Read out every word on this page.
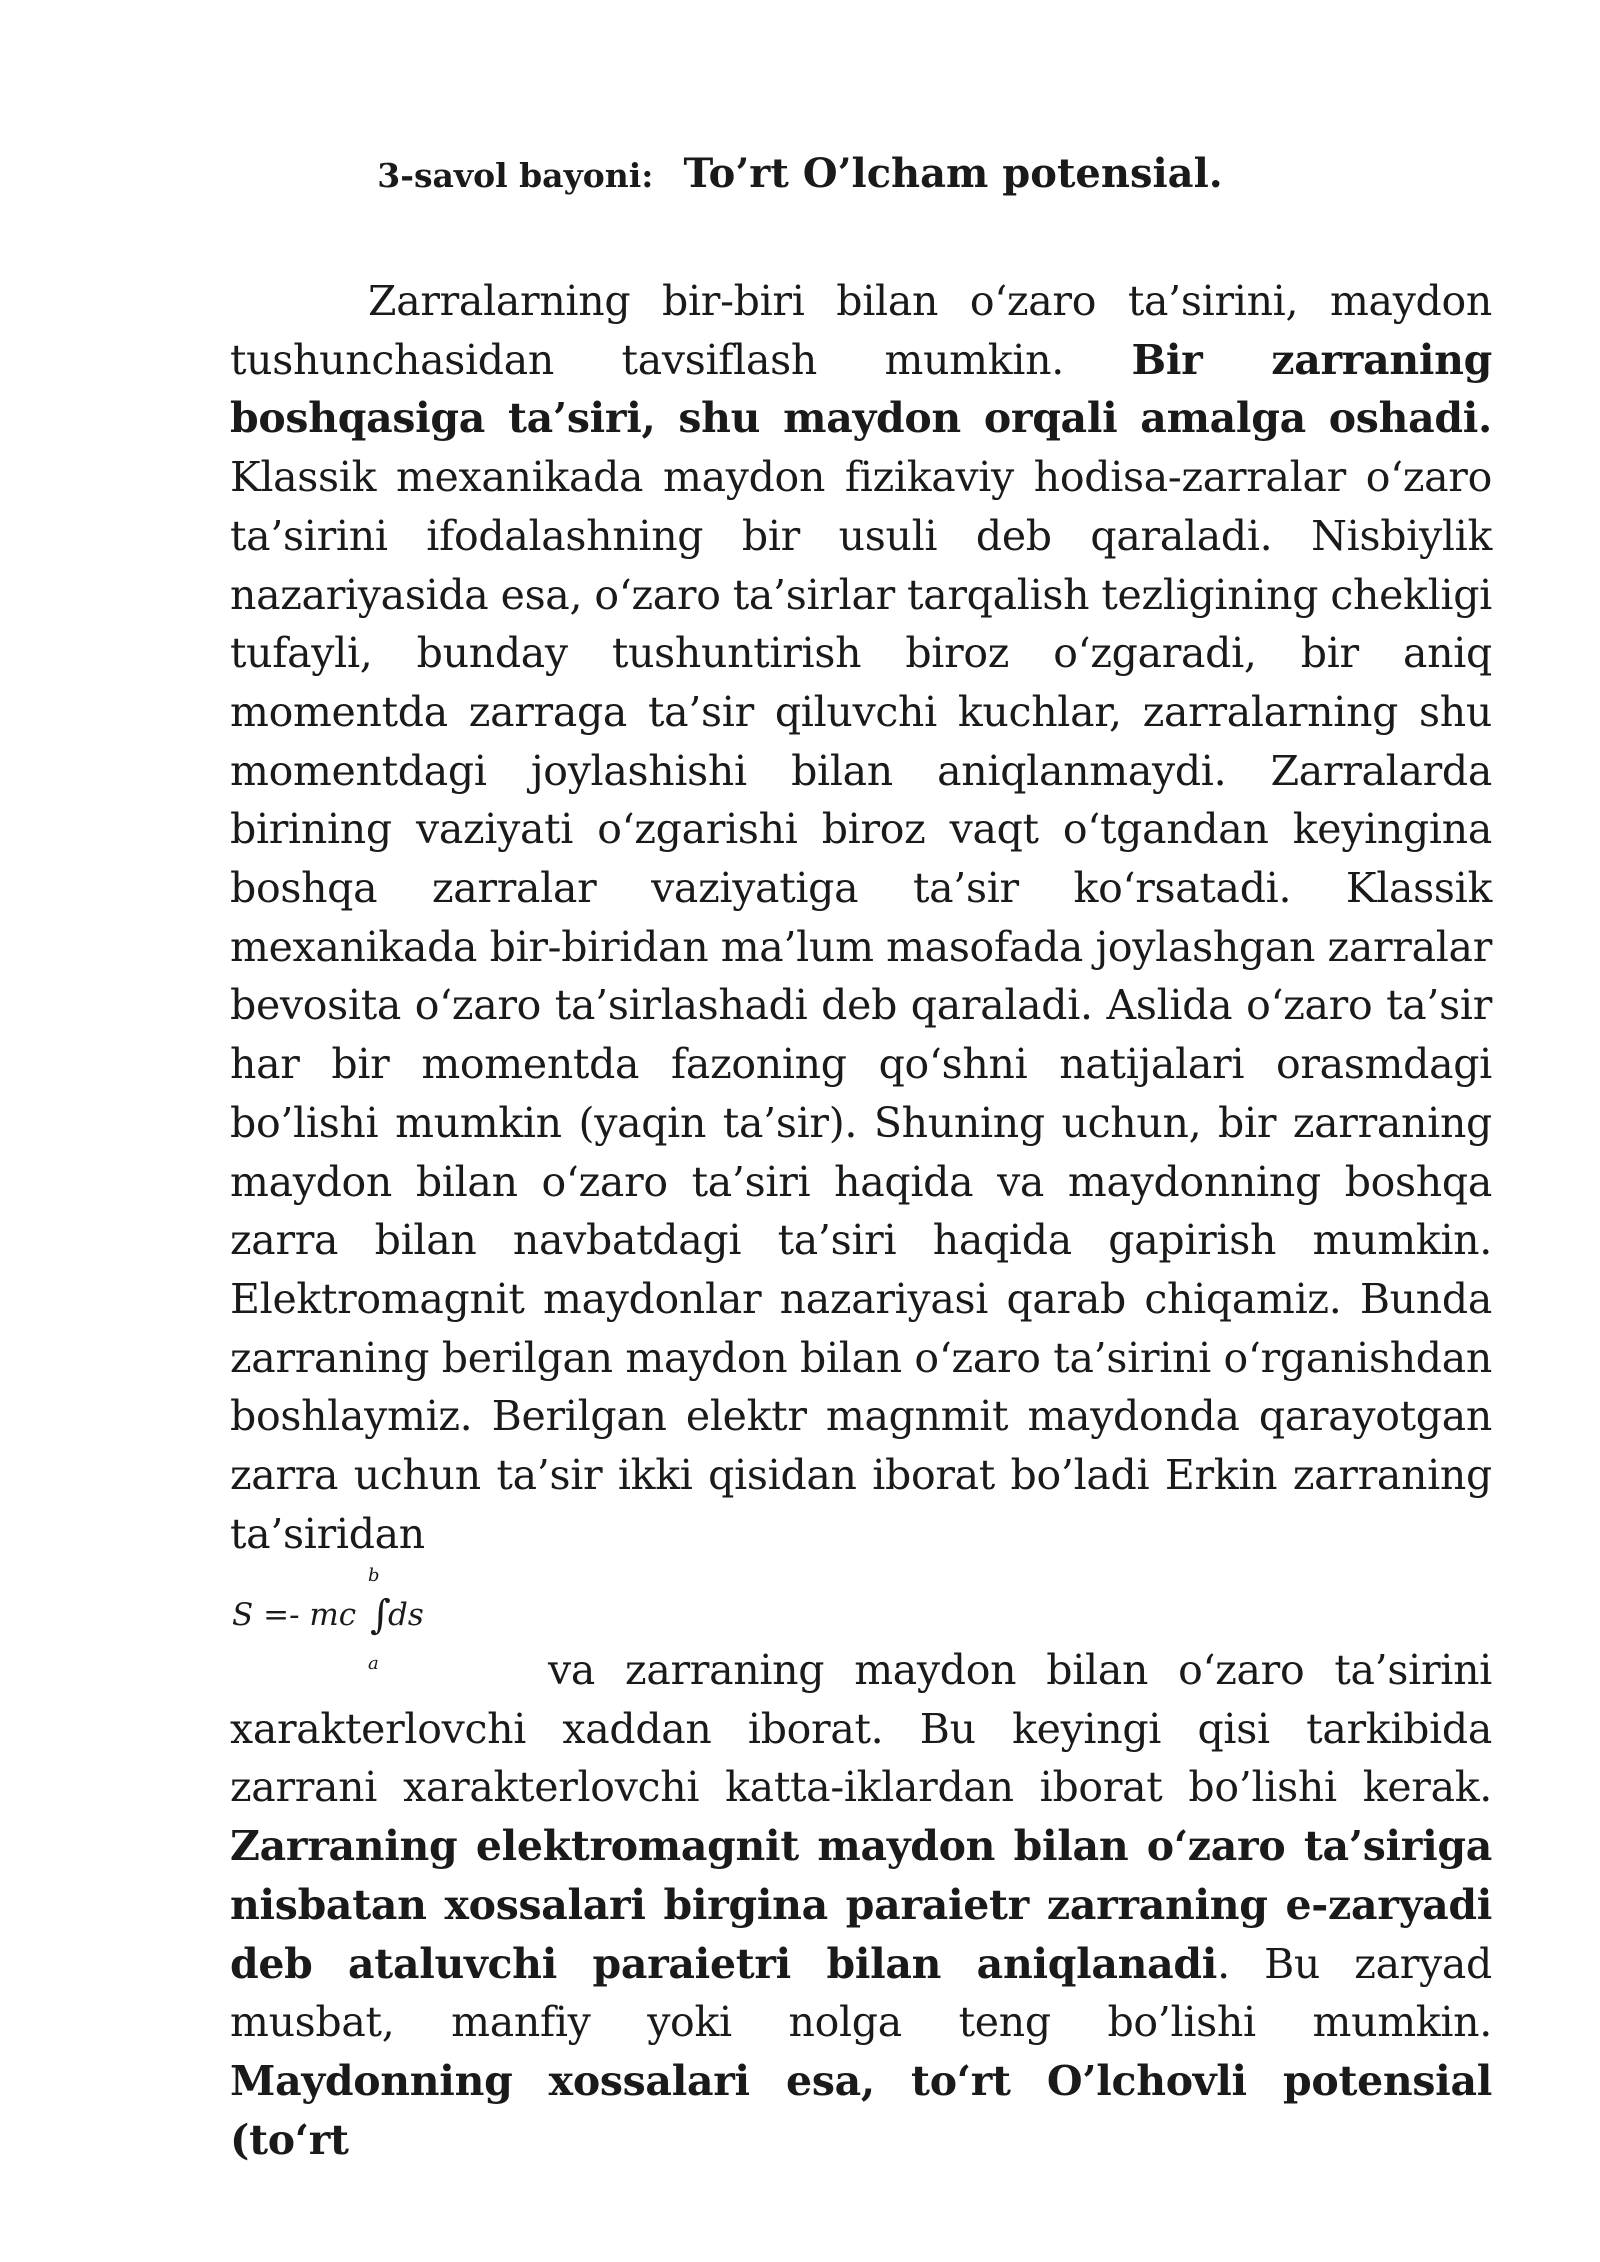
3-savol bayoni: To’rt O’lcham potensial.
Zarralarning bir-biri bilan o‘zaro ta’sirini, maydon tushunchasidan tavsiflash mumkin. Bir zarraning boshqasiga ta’siri, shu maydon orqali amalga oshadi. Klassik mexanikada maydon fizikaviy hodisa-zarralar o‘zaro ta’sirini ifodalashning bir usuli deb qaraladi. Nisbiylik nazariyasida esa, o‘zaro ta’sirlar tarqalish tezligining chekligi tufayli, bunday tushuntirish biroz o‘zgaradi, bir aniq momentda zarraga ta’sir qiluvchi kuchlar, zarralarning shu momentdagi joylashishi bilan aniqlanmaydi. Zarralarda birining vaziyati o‘zgarishi biroz vaqt o‘tgandan keyingina boshqa zarralar vaziyatiga ta’sir ko‘rsatadi. Klassik mexanikada bir-biridan ma’lum masofada joylashgan zarralar bevosita o‘zaro ta’sirlashadi deb qaraladi. Aslida o‘zaro ta’sir har bir momentda fazoning qo‘shni natijalari orasmdagi bo’lishi mumkin (yaqin ta’sir). Shuning uchun, bir zarraning maydon bilan o‘zaro ta’siri haqida va maydonning boshqa zarra bilan navbatdagi ta’siri haqida gapirish mumkin. Elektromagnit maydonlar nazariyasi qarab chiqamiz. Bunda zarraning berilgan maydon bilan o‘zaro ta’sirini o‘rganishdan boshlaymiz. Berilgan elektr magnmit maydonda qarayotgan zarra uchun ta’sir ikki qisidan iborat bo’ladi Erkin zarraning ta’siridan
S =- mc
b
∫
a
ds
va zarraning maydon bilan o‘zaro ta’sirini xarakterlovchi xaddan iborat. Bu keyingi qisi tarkibida zarrani xarakterlovchi katta-iklardan iborat bo’lishi kerak. Zarraning elektromagnit maydon bilan o‘zaro ta’siriga nisbatan xossalari birgina paraietr zarraning e-zaryadi deb ataluvchi paraietri bilan aniqlanadi. Bu zaryad musbat, manfiy yoki nolga teng bo’lishi mumkin. Maydonning xossalari esa, to‘rt O’lchovli potensial (to‘rt
